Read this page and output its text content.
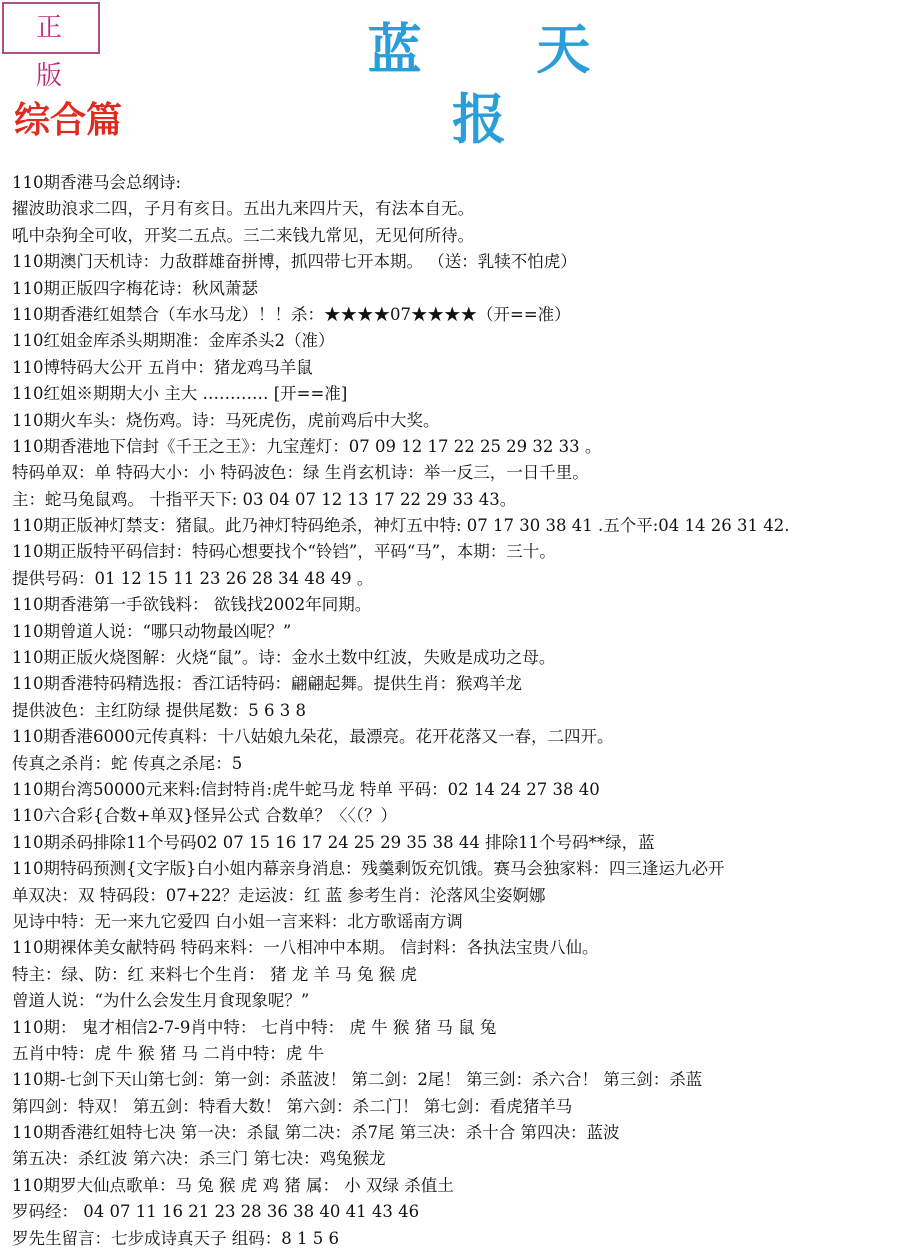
正 版	蓝 天 报
综合篇
110期香港马会总纲诗:
擢波助浪求二四，子月有亥日。五出九来四片天，有法本自无。
吼中杂狗全可收，开奖二五点。三二来钱九常见，无见何所待。
110期澳门天机诗：力敌群雄奋拼博，抓四带七开本期。 （送：乳犊不怕虎）
110期正版四字梅花诗：秋风萧瑟
110期香港红姐禁合（车水马龙）！！杀：★★★★07★★★★（开==准）
110红姐金库杀头期期准：金库杀头2（准）
110博特码大公开 五肖中：猪龙鸡马羊鼠
110红姐※期期大小 主大 ………… [开==准]
110期火车头：烧伤鸡。诗：马死虎伤，虎前鸡后中大奖。
110期香港地下信封《千王之王》：九宝莲灯：07 09 12 17 22 25 29 32 33 。
特码单双：单 特码大小：小 特码波色：绿 生肖玄机诗：举一反三，一日千里。
主：蛇马兔鼠鸡。 十指平天下: 03 04 07 12 13 17 22 29 33 43。
110期正版神灯禁支：猪鼠。此乃神灯特码绝杀，神灯五中特: 07 17 30 38 41 .五个平:04 14 26 31 42.
110期正版特平码信封：特码心想要找个“铃铛”，平码“马”，本期：三十。
提供号码：01 12 15 11 23 26 28 34 48 49 。
110期香港第一手欲钱料： 欲钱找2002年同期。
110期曾道人说：“哪只动物最凶呢？”
110期正版火烧图解：火烧“鼠”。诗：金水土数中红波，失败是成功之母。
110期香港特码精选报：香江话特码：翩翩起舞。提供生肖：猴鸡羊龙
提供波色：主红防绿 提供尾数：5 6 3 8
110期香港6000元传真料：十八姑娘九朵花，最漂亮。花开花落又一春，二四开。
传真之杀肖：蛇 传真之杀尾：5
110期台湾50000元来料:信封特肖:虎牛蛇马龙 特单 平码：02 14 24 27 38 40
110六合彩{合数+单双}怪异公式 合数单？〈〈（？）
110期杀码排除11个号码02 07 15 16 17 24 25 29 35 38 44 排除11个号码**绿，蓝
110期特码预测{文字版}白小姐内幕亲身消息：残羹剩饭充饥饿。赛马会独家料：四三逢运九必开
单双决：双 特码段：07+22？走运波：红 蓝 参考生肖：沦落风尘姿婀娜
见诗中特：无一来九它爱四 白小姐一言来料：北方歌谣南方调
110期裸体美女献特码 特码来料：一八相冲中本期。 信封料：各执法宝贵八仙。
特主：绿、防：红 来料七个生肖： 猪 龙 羊 马 兔 猴 虎
曾道人说：“为什么会发生月食现象呢？”
110期： 鬼才相信2-7-9肖中特： 七肖中特： 虎 牛 猴 猪 马 鼠 兔
五肖中特：虎 牛 猴 猪 马 二肖中特：虎 牛
110期-七剑下天山第七剑：第一剑：杀蓝波！ 第二剑：2尾！ 第三剑：杀六合！ 第三剑：杀蓝
第四剑：特双！ 第五剑：特看大数！ 第六剑：杀二门！ 第七剑：看虎猪羊马
110期香港红姐特七决 第一决：杀鼠 第二决：杀7尾 第三决：杀十合 第四决：蓝波
第五决：杀红波 第六决：杀三门 第七决：鸡兔猴龙
110期罗大仙点歌单：马 兔 猴 虎 鸡 猪 属： 小 双绿 杀值土
罗码经： 04 07 11 16 21 23 28 36 38 40 41 43 46
罗先生留言：七步成诗真天子 组码：8 1 5 6
